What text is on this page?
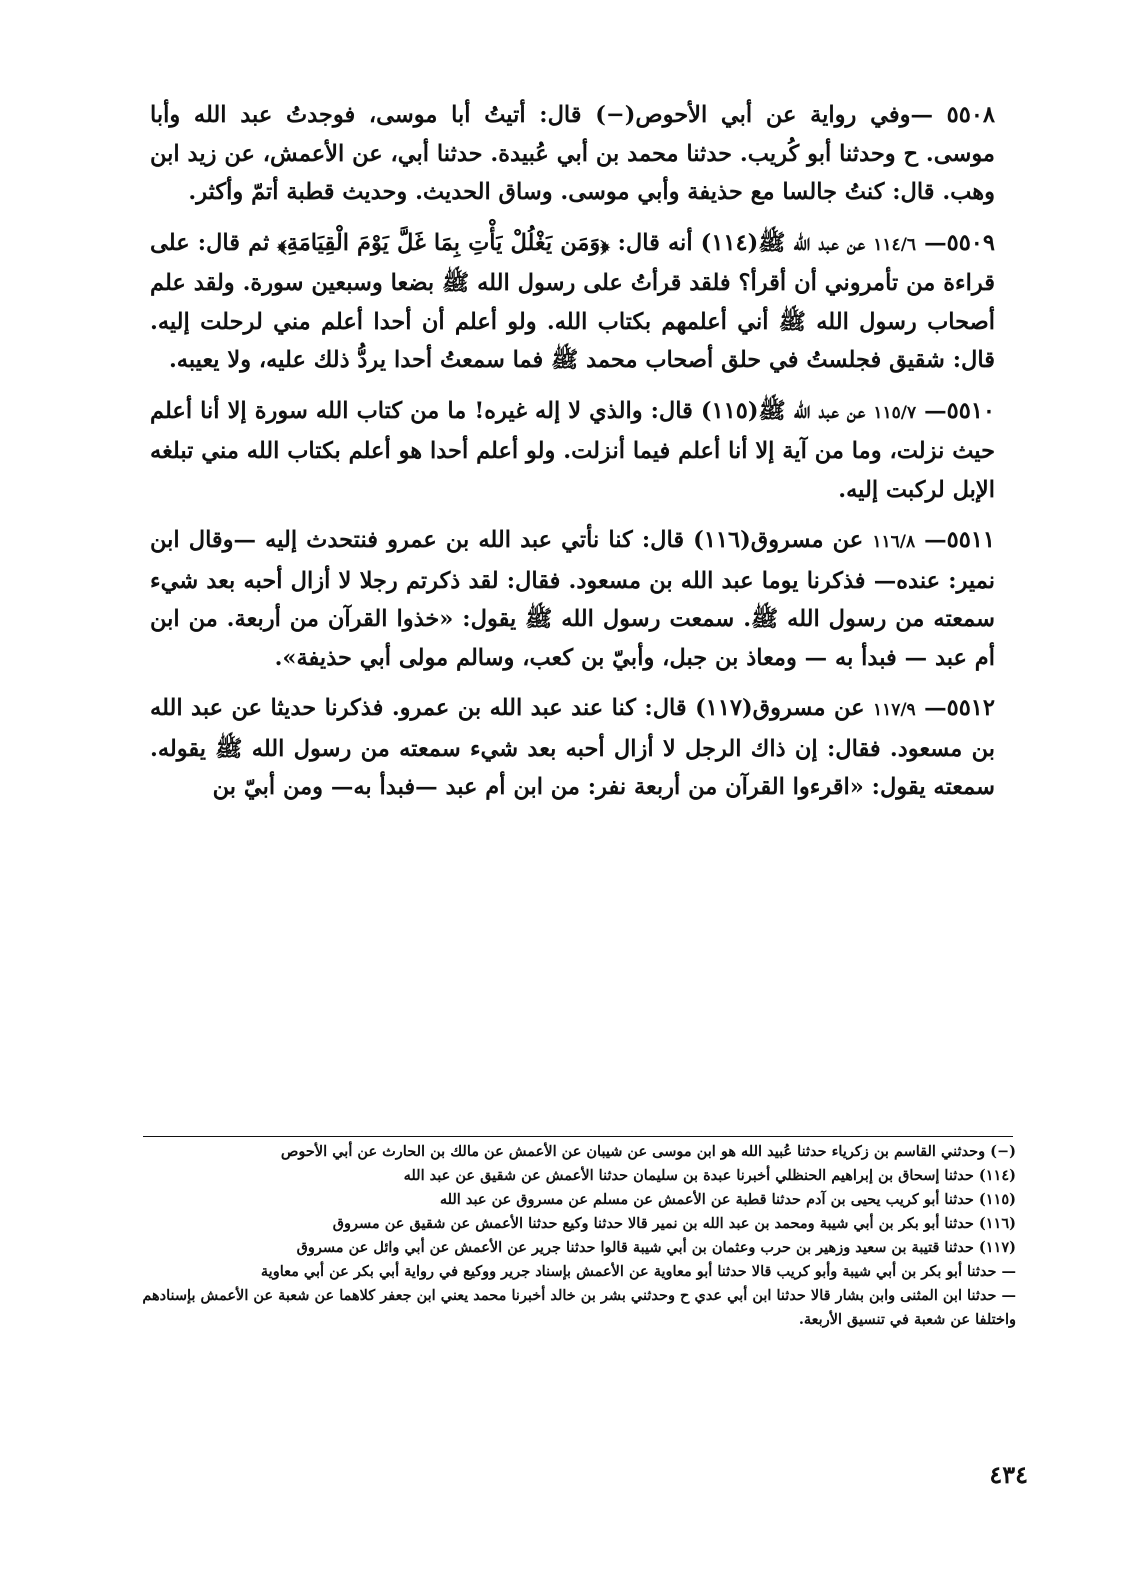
٥٥٠٨ —وفي رواية عن أبي الأحوص(−) قال: أتيتُ أبا موسى، فوجدتُ عبد الله وأبا موسى. ح وحدثنا أبو كُريب. حدثنا محمد بن أبي عُبيدة. حدثنا أبي، عن الأعمش، عن زيد ابن وهب. قال: كنتُ جالسا مع حذيفة وأبي موسى. وساق الحديث. وحديث قطبة أتمّ وأكثر.

٥٥٠٩— ١١٤/٦ عن عبد الله ﷺ(١١٤) أنه قال: ﴿وَمَن يَغْلُلْ يَأْتِ بِمَا غَلَّ يَوْمَ الْقِيَامَةِ﴾ ثم قال: على قراءة من تأمروني أن أقرأ؟ فلقد قرأتُ على رسول الله ﷺ بضعا وسبعين سورة. ولقد علم أصحاب رسول الله ﷺ أني أعلمهم بكتاب الله. ولو أعلم أن أحدا أعلم مني لرحلت إليه. قال: شقيق فجلستُ في حلق أصحاب محمد ﷺ فما سمعتُ أحدا يردُّ ذلك عليه، ولا يعيبه.

٥٥١٠— ١١٥/٧ عن عبد الله ﷺ(١١٥) قال: والذي لا إله غيره! ما من كتاب الله سورة إلا أنا أعلم حيث نزلت، وما من آية إلا أنا أعلم فيما أنزلت. ولو أعلم أحدا هو أعلم بكتاب الله مني تبلغه الإبل لركبت إليه.

٥٥١١— ١١٦/٨ عن مسروق(١١٦) قال: كنا نأتي عبد الله بن عمرو فنتحدث إليه —وقال ابن نمير: عنده— فذكرنا يوما عبد الله بن مسعود. فقال: لقد ذكرتم رجلا لا أزال أحبه بعد شيء سمعته من رسول الله ﷺ. سمعت رسول الله ﷺ يقول: «خذوا القرآن من أربعة. من ابن أم عبد — فبدأ به — ومعاذ بن جبل، وأبيّ بن كعب، وسالم مولى أبي حذيفة».

٥٥١٢— ١١٧/٩ عن مسروق(١١٧) قال: كنا عند عبد الله بن عمرو. فذكرنا حديثا عن عبد الله بن مسعود. فقال: إن ذاك الرجل لا أزال أحبه بعد شيء سمعته من رسول الله ﷺ يقوله. سمعته يقول: «اقرءوا القرآن من أربعة نفر: من ابن أم عبد —فبدأ به— ومن أبيّ بن

(−) وحدثني القاسم بن زكرياء حدثنا عُبيد الله هو ابن موسى عن شيبان عن الأعمش عن مالك بن الحارث عن أبي الأحوص

(١١٤) حدثنا إسحاق بن إبراهيم الحنظلي أخبرنا عبدة بن سليمان حدثنا الأعمش عن شقيق عن عبد الله

(١١٥) حدثنا أبو كريب يحيى بن آدم حدثنا قطبة عن الأعمش عن مسلم عن مسروق عن عبد الله

(١١٦) حدثنا أبو بكر بن أبي شيبة ومحمد بن عبد الله بن نمير قالا حدثنا وكيع حدثنا الأعمش عن شقيق عن مسروق

(١١٧) حدثنا قتيبة بن سعيد وزهير بن حرب وعثمان بن أبي شيبة قالوا حدثنا جرير عن الأعمش عن أبي وائل عن مسروق

— حدثنا أبو بكر بن أبي شيبة وأبو كريب قالا حدثنا أبو معاوية عن الأعمش بإسناد جرير ووكيع في رواية أبي بكر عن أبي معاوية

— حدثنا ابن المثنى وابن بشار قالا حدثنا ابن أبي عدي ح وحدثني بشر بن خالد أخبرنا محمد يعني ابن جعفر كلاهما عن شعبة عن الأعمش بإسنادهم واختلفا عن شعبة في تنسيق الأربعة.

٤٣٤
